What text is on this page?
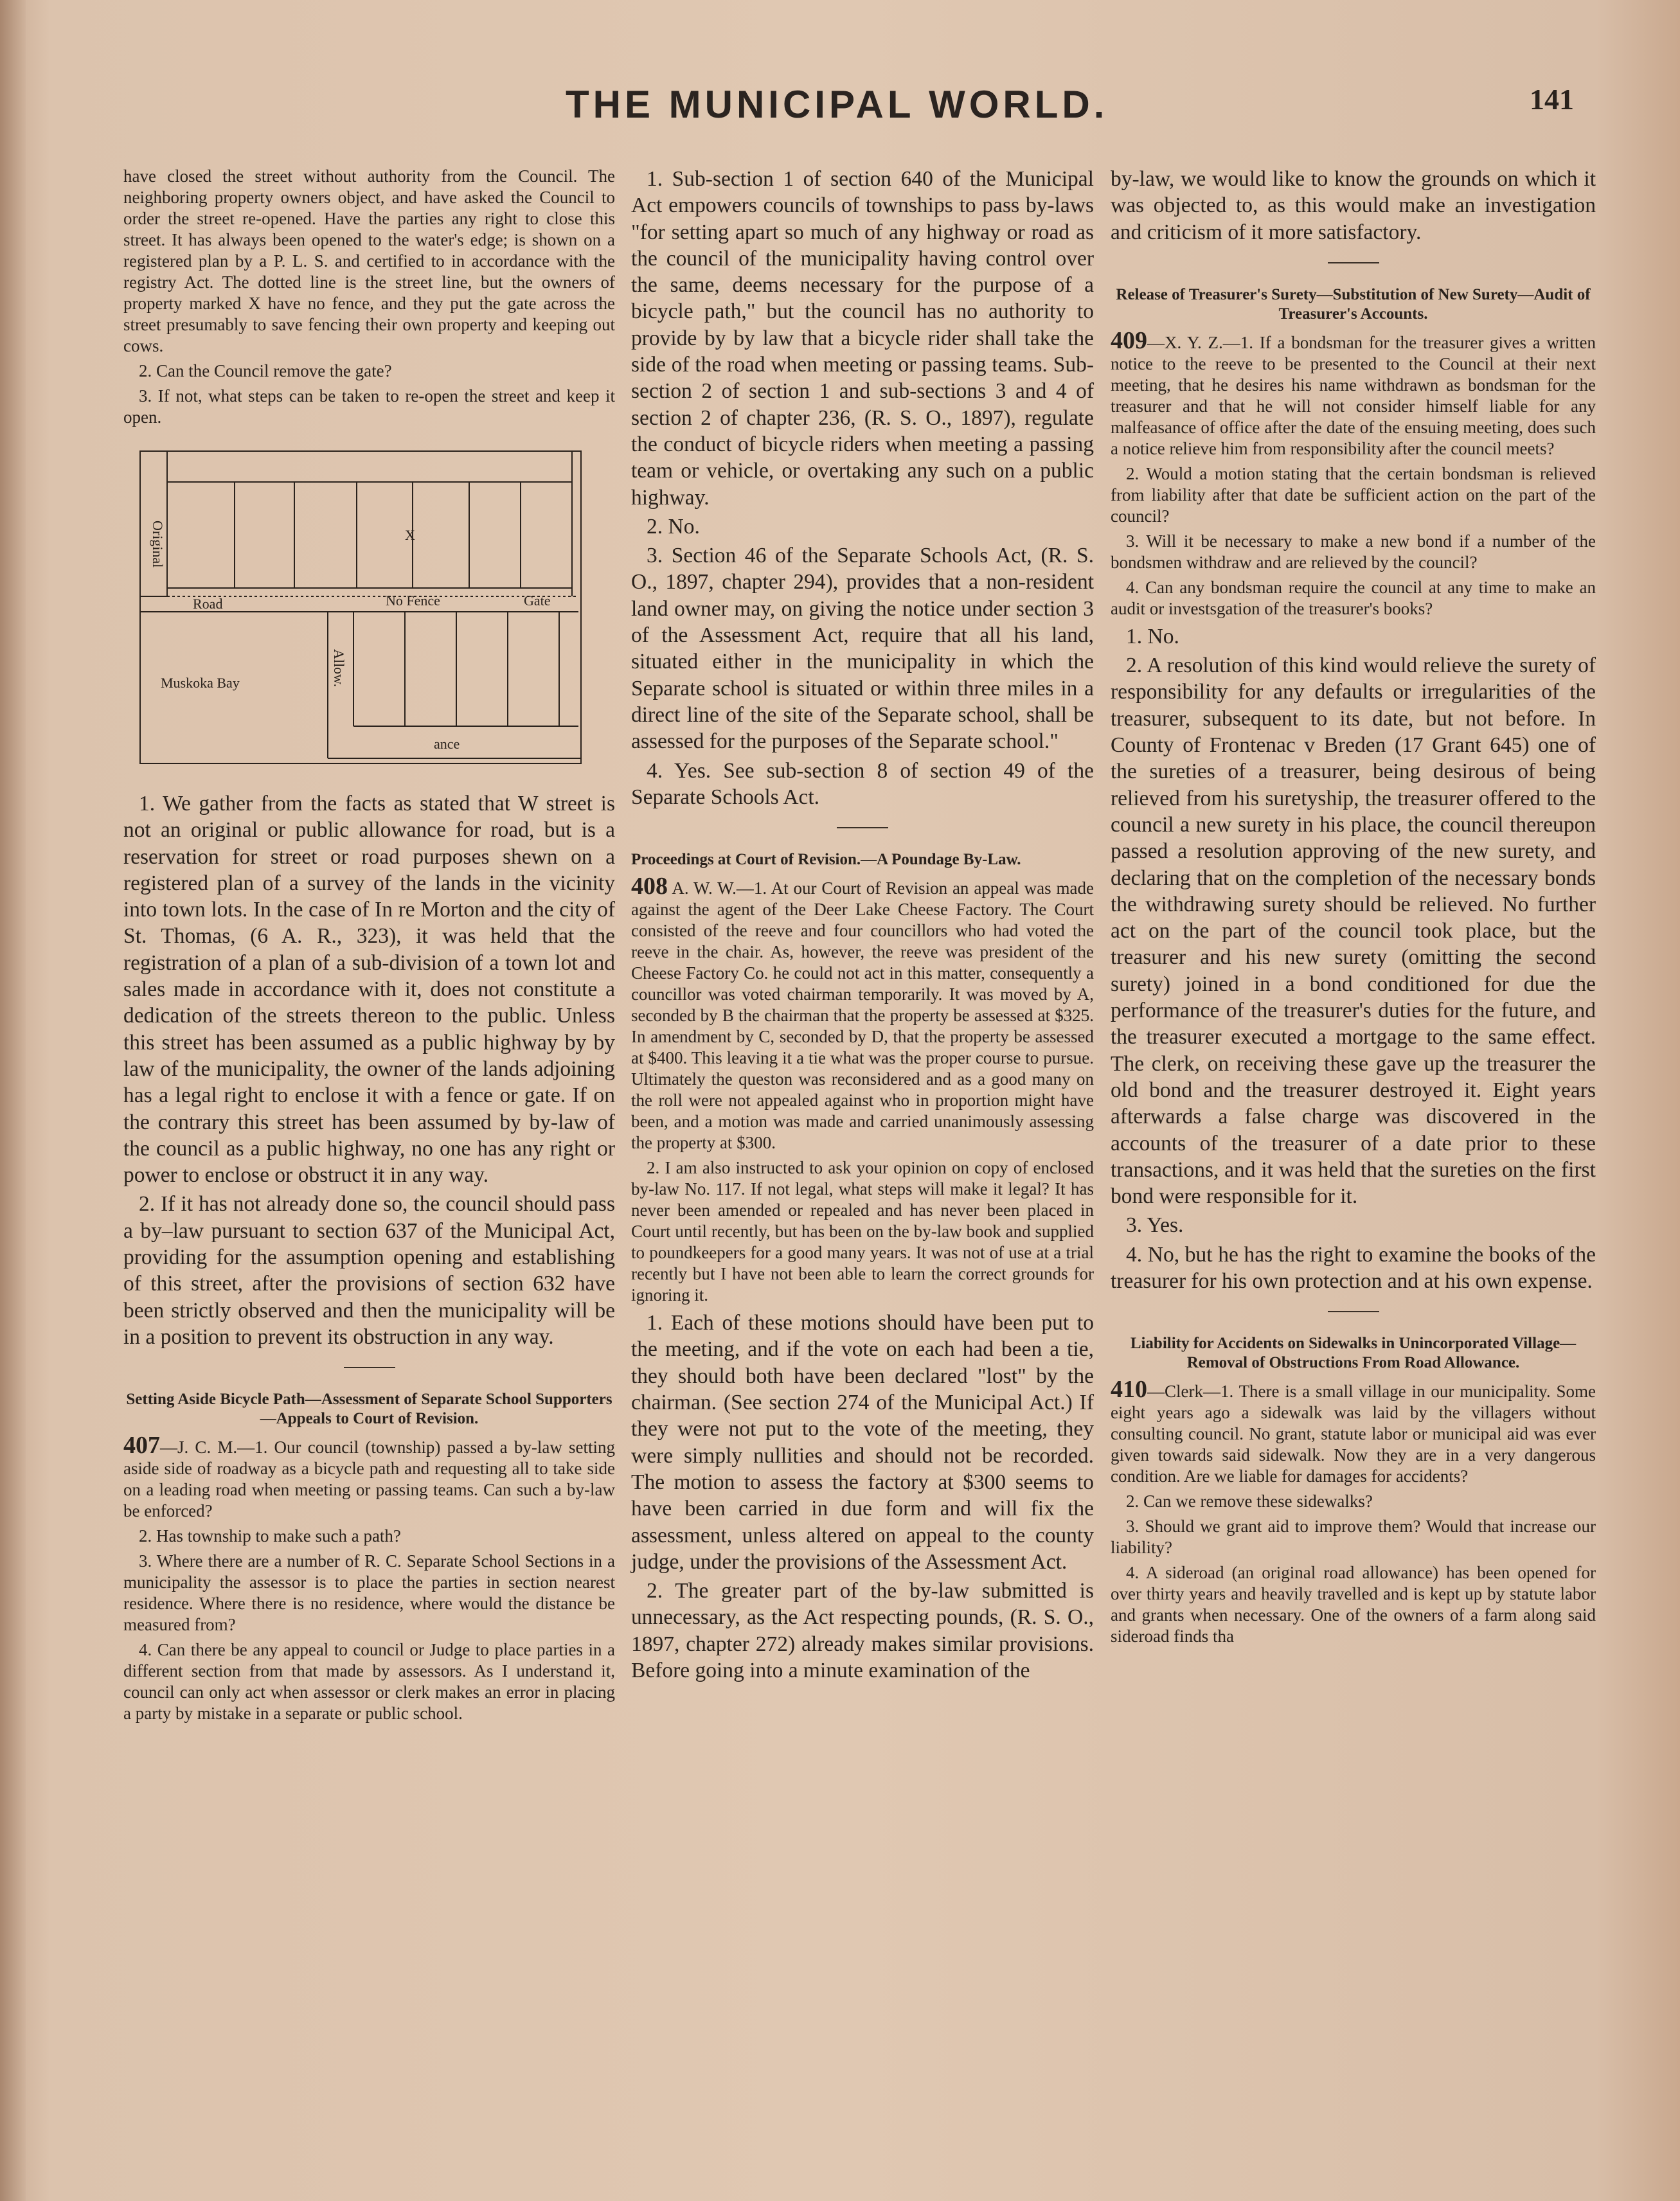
THE MUNICIPAL WORLD.	141

have closed the street without authority from the Council. The neighboring property owners object, and have asked the Council to order the street re-opened. Have the parties any right to close this street. It has always been opened to the water's edge; is shown on a registered plan by a P. L. S. and certified to in accordance with the registry Act. The dotted line is the street line, but the owners of property marked X have no fence, and they put the gate across the street presumably to save fencing their own property and keeping out cows.

2. Can the Council remove the gate?

3. If not, what steps can be taken to re-open the street and keep it open.

Original	X
Road	No Fence	Gate
Muskoka Bay	Allow.
ance

1. We gather from the facts as stated that W street is not an original or public allowance for road, but is a reservation for street or road purposes shewn on a registered plan of a survey of the lands in the vicinity into town lots. In the case of In re Morton and the city of St. Thomas, (6 A. R., 323), it was held that the registration of a plan of a sub-division of a town lot and sales made in accordance with it, does not constitute a dedication of the streets thereon to the public. Unless this street has been assumed as a public highway by by law of the municipality, the owner of the lands adjoining has a legal right to enclose it with a fence or gate. If on the contrary this street has been assumed by by-law of the council as a public highway, no one has any right or power to enclose or obstruct it in any way.

2. If it has not already done so, the council should pass a by–law pursuant to section 637 of the Municipal Act, providing for the assumption opening and establishing of this street, after the provisions of section 632 have been strictly observed and then the municipality will be in a position to prevent its obstruction in any way.

Setting Aside Bicycle Path—Assessment of Separate School Supporters—Appeals to Court of Revision.

407—J. C. M.—1. Our council (township) passed a by-law setting aside side of roadway as a bicycle path and requesting all to take side on a leading road when meeting or passing teams. Can such a by-law be enforced?

2. Has township to make such a path?

3. Where there are a number of R. C. Separate School Sections in a municipality the assessor is to place the parties in section nearest residence. Where there is no residence, where would the distance be measured from?

4. Can there be any appeal to council or Judge to place parties in a different section from that made by assessors. As I understand it, council can only act when assessor or clerk makes an error in placing a party by mistake in a separate or public school.

1. Sub-section 1 of section 640 of the Municipal Act empowers councils of townships to pass by-laws "for setting apart so much of any highway or road as the council of the municipality having control over the same, deems necessary for the purpose of a bicycle path," but the council has no authority to provide by by law that a bicycle rider shall take the side of the road when meeting or passing teams. Sub-section 2 of section 1 and sub-sections 3 and 4 of section 2 of chapter 236, (R. S. O., 1897), regulate the conduct of bicycle riders when meeting a passing team or vehicle, or overtaking any such on a public highway.

2. No.

3. Section 46 of the Separate Schools Act, (R. S. O., 1897, chapter 294), provides that a non-resident land owner may, on giving the notice under section 3 of the Assessment Act, require that all his land, situated either in the municipality in which the Separate school is situated or within three miles in a direct line of the site of the Separate school, shall be assessed for the purposes of the Separate school."

4. Yes. See sub-section 8 of section 49 of the Separate Schools Act.

Proceedings at Court of Revision.—A Poundage By-Law.

408 A. W. W.—1. At our Court of Revision an appeal was made against the agent of the Deer Lake Cheese Factory. The Court consisted of the reeve and four councillors who had voted the reeve in the chair. As, however, the reeve was president of the Cheese Factory Co. he could not act in this matter, consequently a councillor was voted chairman temporarily. It was moved by A, seconded by B the chairman that the property be assessed at $325. In amendment by C, seconded by D, that the property be assessed at $400. This leaving it a tie what was the proper course to pursue. Ultimately the queston was reconsidered and as a good many on the roll were not appealed against who in proportion might have been, and a motion was made and carried unanimously assessing the property at $300.

2. I am also instructed to ask your opinion on copy of enclosed by-law No. 117. If not legal, what steps will make it legal? It has never been amended or repealed and has never been placed in Court until recently, but has been on the by-law book and supplied to poundkeepers for a good many years. It was not of use at a trial recently but I have not been able to learn the correct grounds for ignoring it.

1. Each of these motions should have been put to the meeting, and if the vote on each had been a tie, they should both have been declared "lost" by the chairman. (See section 274 of the Municipal Act.) If they were not put to the vote of the meeting, they were simply nullities and should not be recorded. The motion to assess the factory at $300 seems to have been carried in due form and will fix the assessment, unless altered on appeal to the county judge, under the provisions of the Assessment Act.

2. The greater part of the by-law submitted is unnecessary, as the Act respecting pounds, (R. S. O., 1897, chapter 272) already makes similar provisions. Before going into a minute examination of the

by-law, we would like to know the grounds on which it was objected to, as this would make an investigation and criticism of it more satisfactory.

Release of Treasurer's Surety—Substitution of New Surety—Audit of Treasurer's Accounts.

409—X. Y. Z.—1. If a bondsman for the treasurer gives a written notice to the reeve to be presented to the Council at their next meeting, that he desires his name withdrawn as bondsman for the treasurer and that he will not consider himself liable for any malfeasance of office after the date of the ensuing meeting, does such a notice relieve him from responsibility after the council meets?

2. Would a motion stating that the certain bondsman is relieved from liability after that date be sufficient action on the part of the council?

3. Will it be necessary to make a new bond if a number of the bondsmen withdraw and are relieved by the council?

4. Can any bondsman require the council at any time to make an audit or investsgation of the treasurer's books?

1. No.

2. A resolution of this kind would relieve the surety of responsibility for any defaults or irregularities of the treasurer, subsequent to its date, but not before. In County of Frontenac v Breden (17 Grant 645) one of the sureties of a treasurer, being desirous of being relieved from his suretyship, the treasurer offered to the council a new surety in his place, the council thereupon passed a resolution approving of the new surety, and declaring that on the completion of the necessary bonds the withdrawing surety should be relieved. No further act on the part of the council took place, but the treasurer and his new surety (omitting the second surety) joined in a bond conditioned for due the performance of the treasurer's duties for the future, and the treasurer executed a mortgage to the same effect. The clerk, on receiving these gave up the treasurer the old bond and the treasurer destroyed it. Eight years afterwards a false charge was discovered in the accounts of the treasurer of a date prior to these transactions, and it was held that the sureties on the first bond were responsible for it.

3. Yes.

4. No, but he has the right to examine the books of the treasurer for his own protection and at his own expense.

Liability for Accidents on Sidewalks in Unincorporated Village—Removal of Obstructions From Road Allowance.

410—Clerk—1. There is a small village in our municipality. Some eight years ago a sidewalk was laid by the villagers without consulting council. No grant, statute labor or municipal aid was ever given towards said sidewalk. Now they are in a very dangerous condition. Are we liable for damages for accidents?

2. Can we remove these sidewalks?

3. Should we grant aid to improve them? Would that increase our liability?

4. A sideroad (an original road allowance) has been opened for over thirty years and heavily travelled and is kept up by statute labor and grants when necessary. One of the owners of a farm along said sideroad finds tha
